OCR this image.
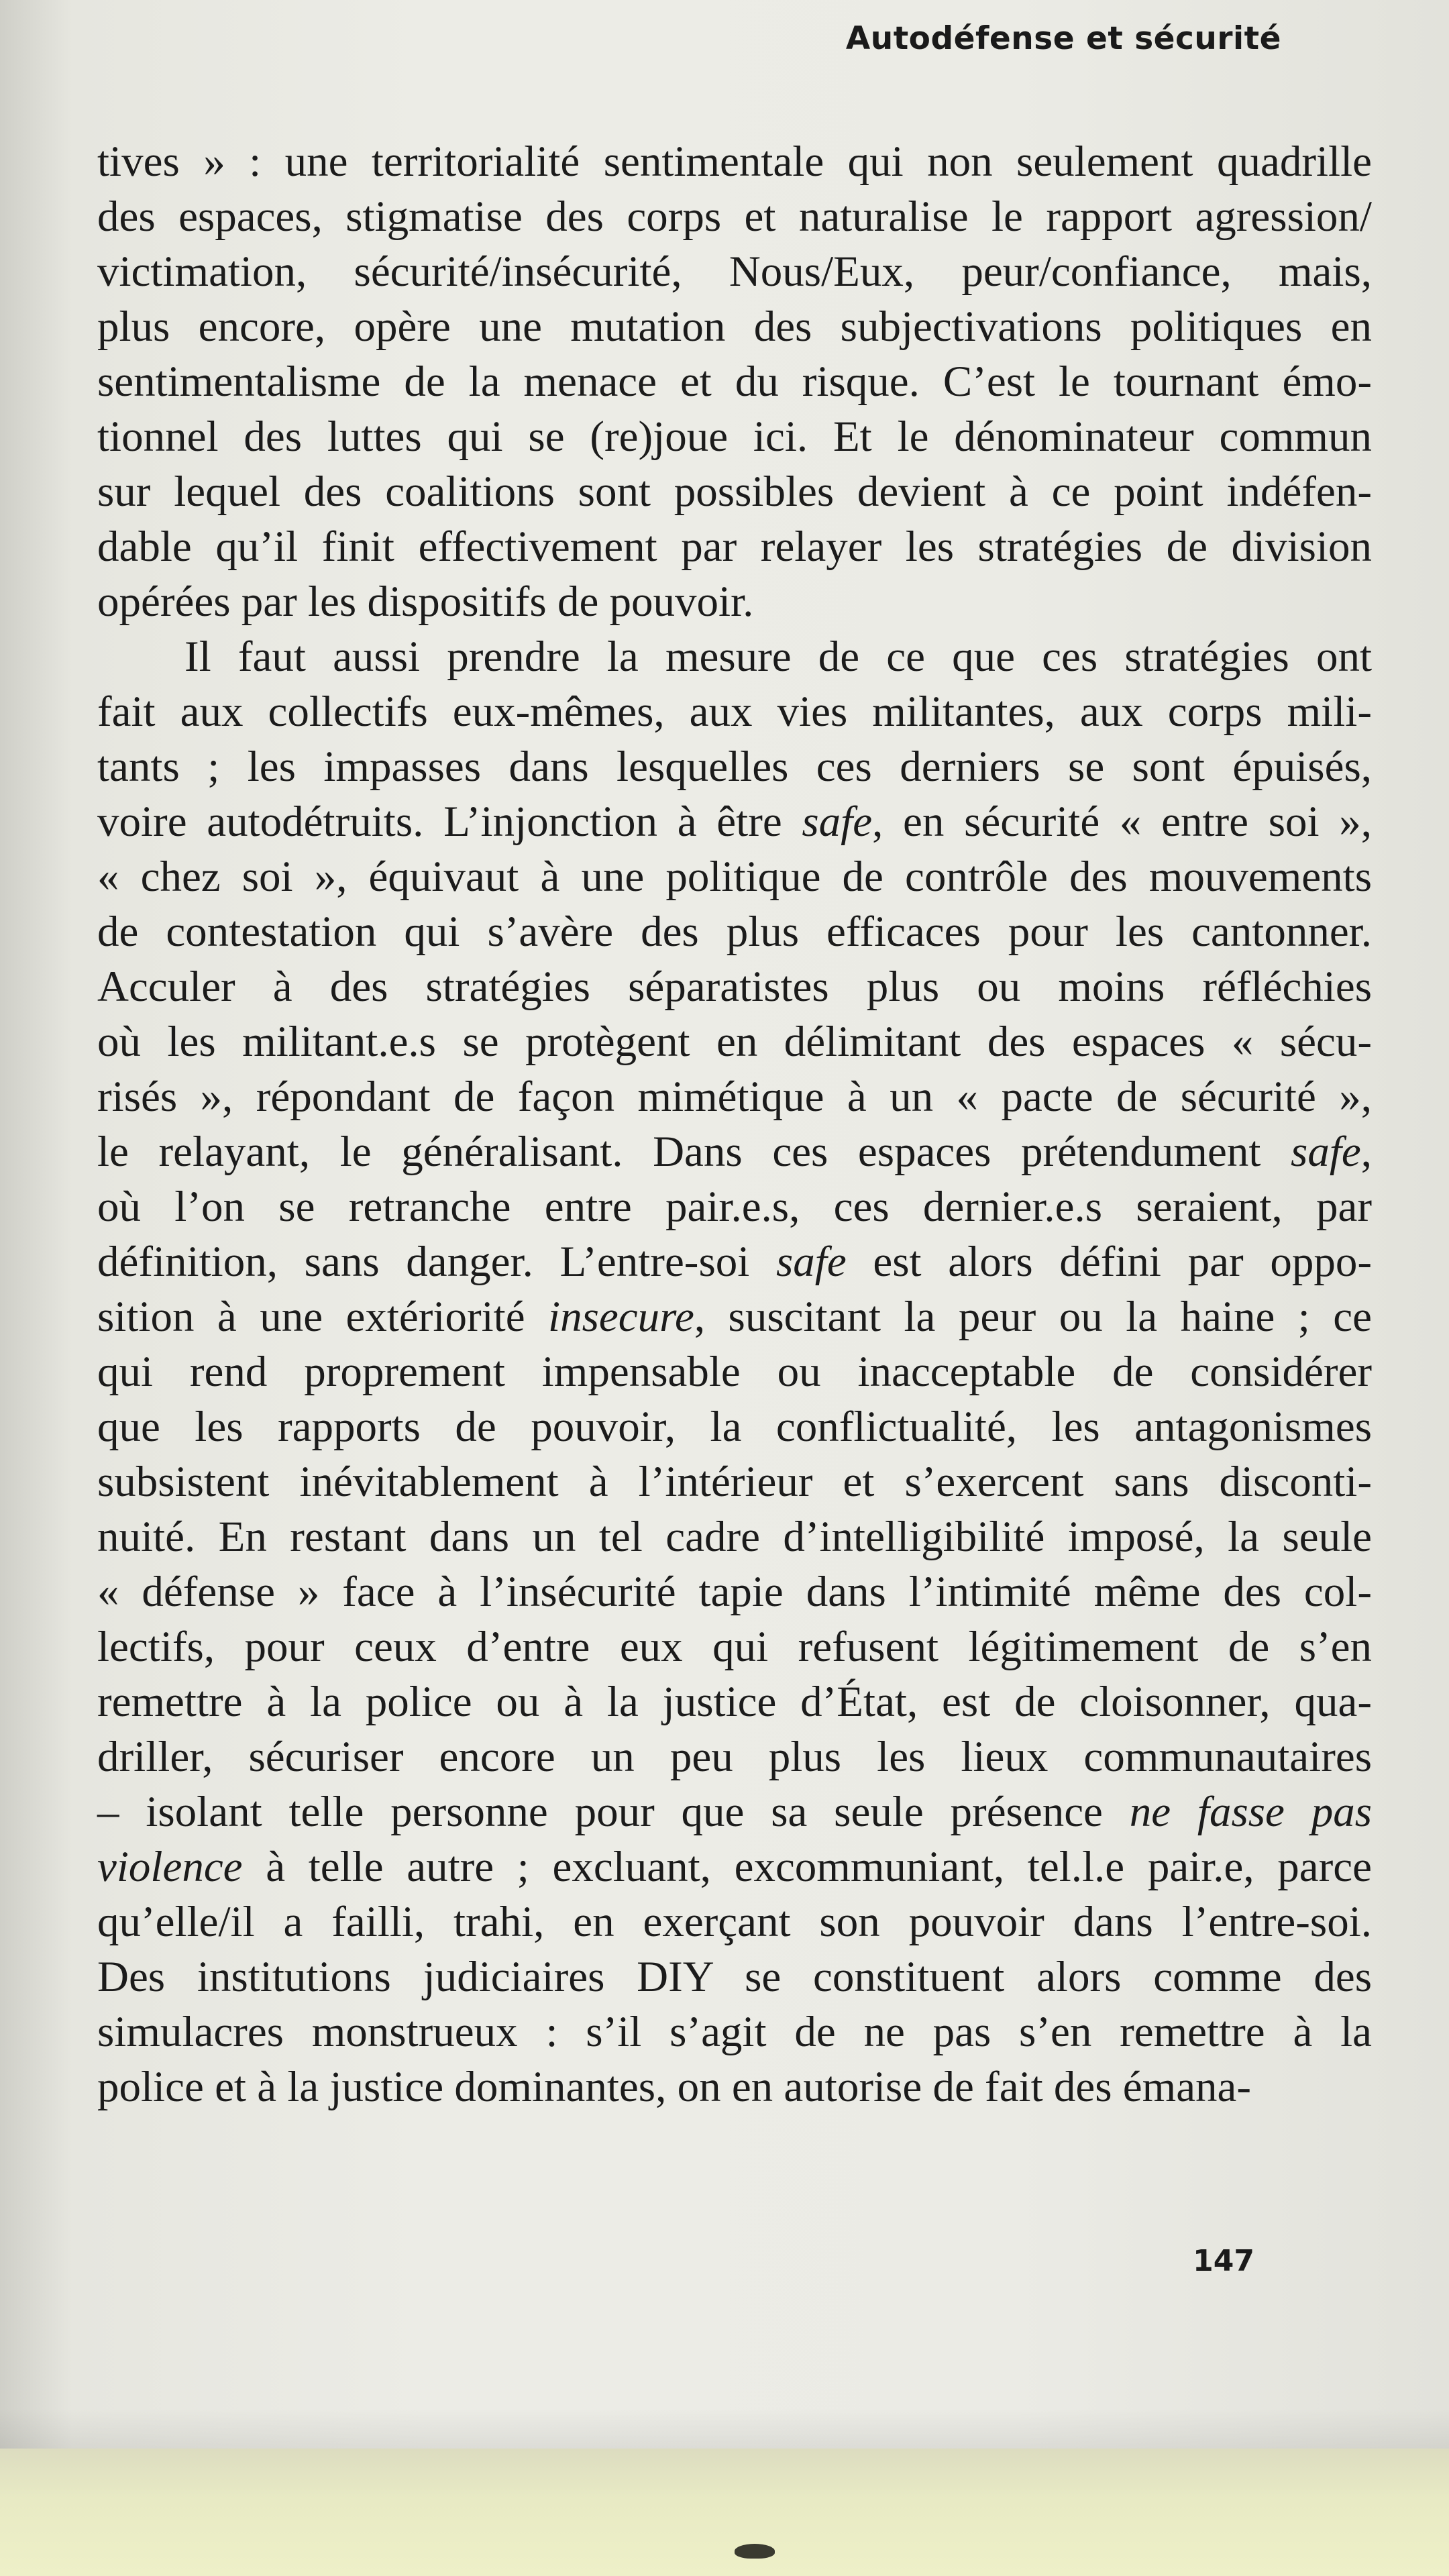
Autodéfense et sécurité
tives » : une territorialité sentimentale qui non seulement quadrille
des espaces, stigmatise des corps et naturalise le rapport agression/
victimation, sécurité/insécurité, Nous/Eux, peur/confiance, mais,
plus encore, opère une mutation des subjectivations politiques en
sentimentalisme de la menace et du risque. C’est le tournant émo-
tionnel des luttes qui se (re)joue ici. Et le dénominateur commun
sur lequel des coalitions sont possibles devient à ce point indéfen-
dable qu’il finit effectivement par relayer les stratégies de division
opérées par les dispositifs de pouvoir.
Il faut aussi prendre la mesure de ce que ces stratégies ont
fait aux collectifs eux-mêmes, aux vies militantes, aux corps mili-
tants ; les impasses dans lesquelles ces derniers se sont épuisés,
voire autodétruits. L’injonction à être safe, en sécurité « entre soi »,
« chez soi », équivaut à une politique de contrôle des mouvements
de contestation qui s’avère des plus efficaces pour les cantonner.
Acculer à des stratégies séparatistes plus ou moins réfléchies
où les militant.e.s se protègent en délimitant des espaces « sécu-
risés », répondant de façon mimétique à un « pacte de sécurité »,
le relayant, le généralisant. Dans ces espaces prétendument safe,
où l’on se retranche entre pair.e.s, ces dernier.e.s seraient, par
définition, sans danger. L’entre-soi safe est alors défini par oppo-
sition à une extériorité insecure, suscitant la peur ou la haine ; ce
qui rend proprement impensable ou inacceptable de considérer
que les rapports de pouvoir, la conflictualité, les antagonismes
subsistent inévitablement à l’intérieur et s’exercent sans disconti-
nuité. En restant dans un tel cadre d’intelligibilité imposé, la seule
« défense » face à l’insécurité tapie dans l’intimité même des col-
lectifs, pour ceux d’entre eux qui refusent légitimement de s’en
remettre à la police ou à la justice d’État, est de cloisonner, qua-
driller, sécuriser encore un peu plus les lieux communautaires
– isolant telle personne pour que sa seule présence ne fasse pas
violence à telle autre ; excluant, excommuniant, tel.l.e pair.e, parce
qu’elle/il a failli, trahi, en exerçant son pouvoir dans l’entre-soi.
Des institutions judiciaires DIY se constituent alors comme des
simulacres monstrueux : s’il s’agit de ne pas s’en remettre à la
police et à la justice dominantes, on en autorise de fait des émana-
147
